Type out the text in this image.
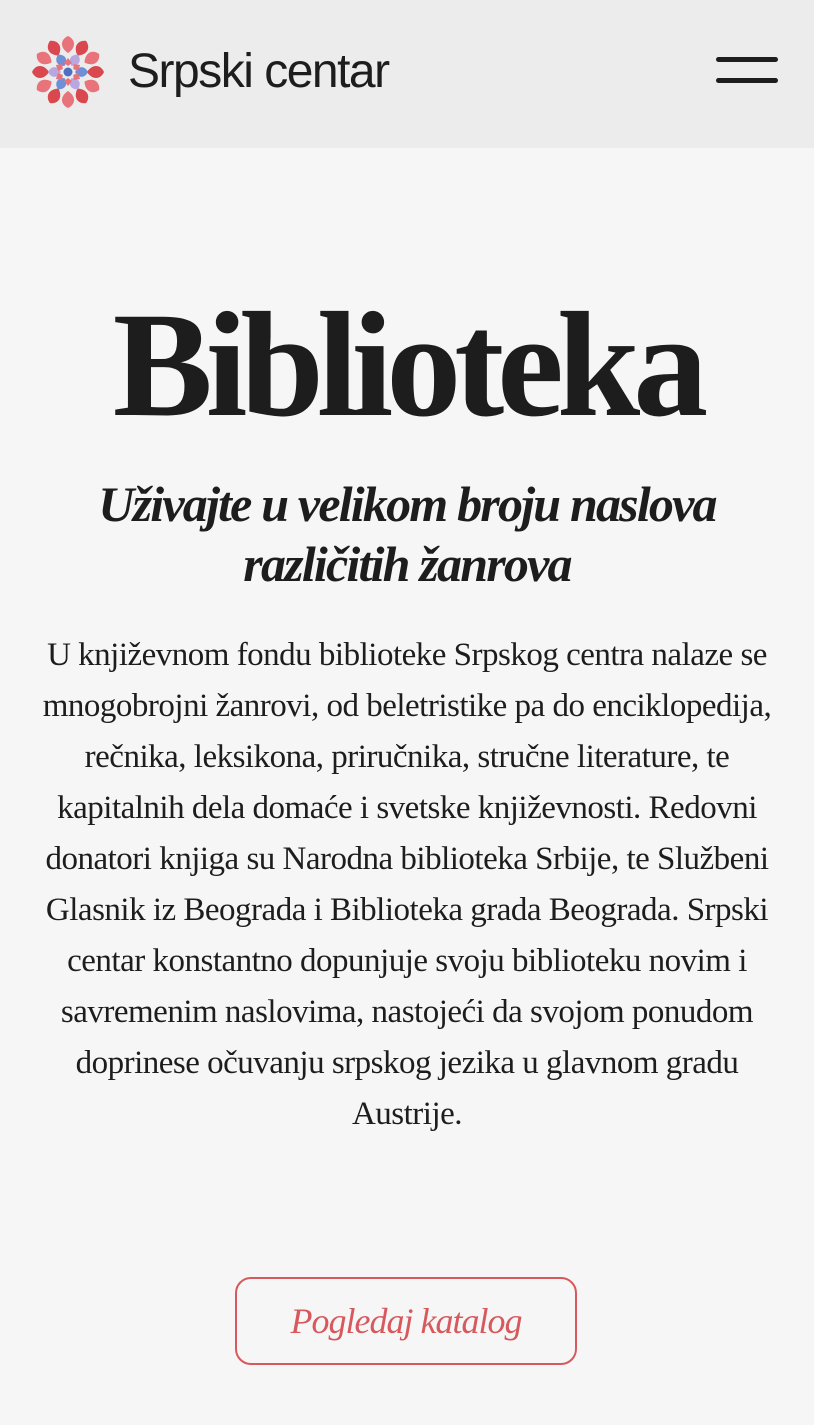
Srpski centar
Biblioteka
Uživajte u velikom broju naslova različitih žanrova

U književnom fondu biblioteke Srpskog centra nalaze se mnogobrojni žanrovi, od beletristike pa do enciklopedija, rečnika, leksikona, priručnika, stručne literature, te kapitalnih dela domaće i svetske književnosti. Redovni donatori knjiga su Narodna biblioteka Srbije, te Službeni Glasnik iz Beograda i Biblioteka grada Beograda. Srpski centar konstantno dopunjuje svoju biblioteku novim i savremenim naslovima, nastojeći da svojom ponudom doprinese očuvanju srpskog jezika u glavnom gradu Austrije.

Pogledaj katalog
